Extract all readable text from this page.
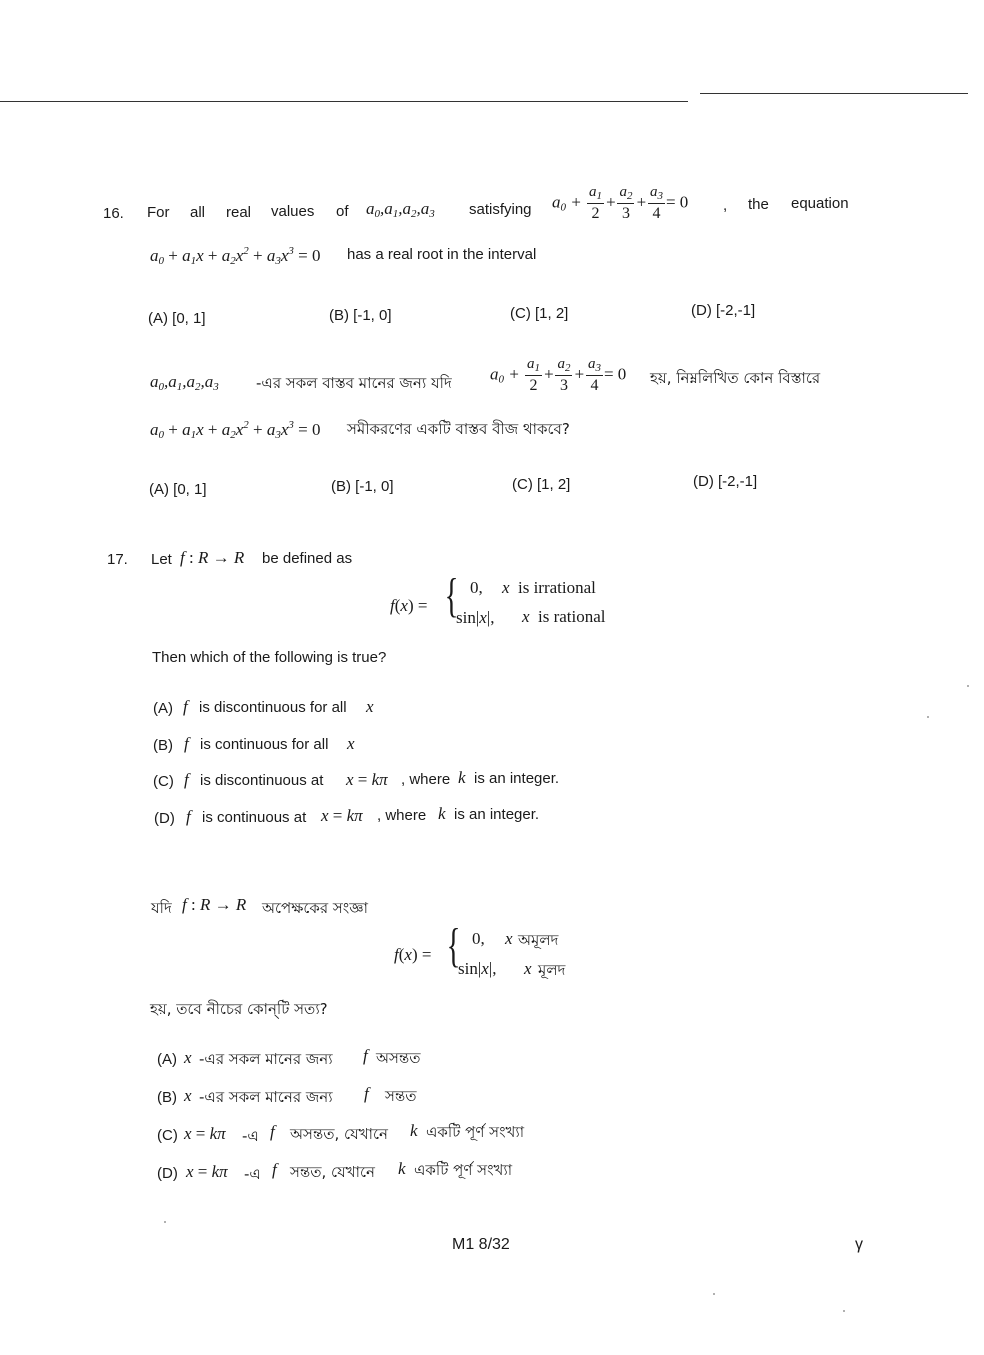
16. For all real values of $a_0,a_1,a_2,a_3$ satisfying $a_0 + \frac{a_1}{2} + \frac{a_2}{3} + \frac{a_3}{4} = 0$ , the equation
$a_0 + a_1x + a_2x^2 + a_3x^3 = 0$ has a real root in the interval
(A) [0, 1]	(B) [-1, 0]	(C) [1, 2]	(D) [-2,-1]
$a_0,a_1,a_2,a_3$ -এর সকল বাস্তব মানের জন্য যদি $a_0 + \frac{a_1}{2} + \frac{a_2}{3} + \frac{a_3}{4} = 0$ হয়, নিম্নলিখিত কোন বিস্তারে
$a_0 + a_1x + a_2x^2 + a_3x^3 = 0$ সমীকরণের একটি বাস্তব বীজ থাকবে?
(A) [0, 1]	(B) [-1, 0]	(C) [1, 2]	(D) [-2,-1]
17. Let f : R → R be defined as
f(x) = { 0, x is irrational
sin|x|, x is rational
Then which of the following is true?
(A) f is discontinuous for all x
(B) f is continuous for all x
(C) f is discontinuous at x = kπ , where k is an integer.
(D) f is continuous at x = kπ , where k is an integer.
যদি f : R → R অপেক্ষকের সংজ্ঞা
f(x) = { 0, x অমূলদ
sin|x|, x মূলদ
হয়, তবে নীচের কোন্‌টি সত্য?
(A) x -এর সকল মানের জন্য f অসন্তত
(B) x -এর সকল মানের জন্য f সন্তত
(C) x = kπ -এ f অসন্তত, যেখানে k একটি পূর্ণ সংখ্যা
(D) x = kπ -এ f সন্তত, যেখানে k একটি পূর্ণ সংখ্যা
M1 8/32	γ
